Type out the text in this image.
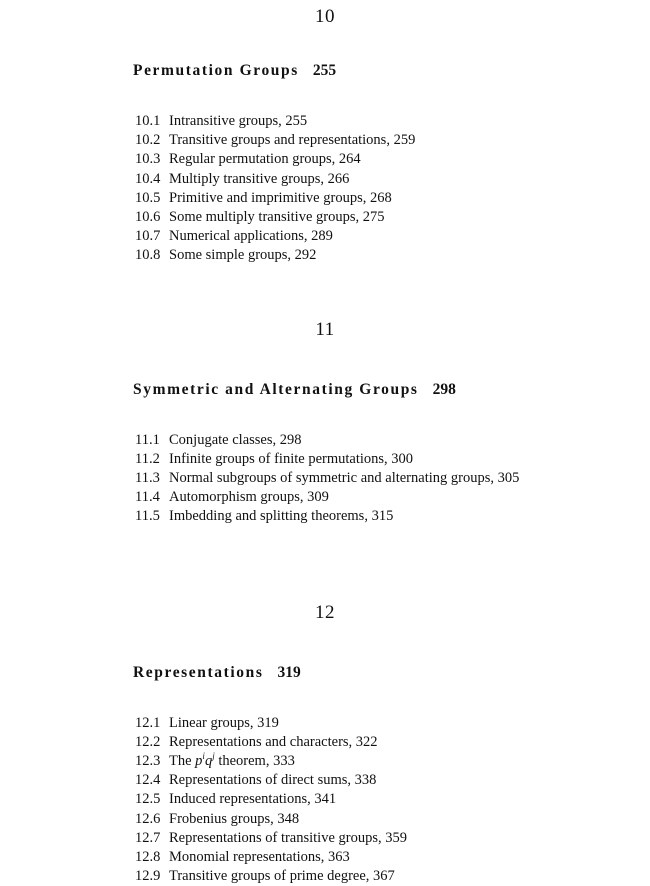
10
Permutation Groups 255
10.1 Intransitive groups, 255
10.2 Transitive groups and representations, 259
10.3 Regular permutation groups, 264
10.4 Multiply transitive groups, 266
10.5 Primitive and imprimitive groups, 268
10.6 Some multiply transitive groups, 275
10.7 Numerical applications, 289
10.8 Some simple groups, 292
11
Symmetric and Alternating Groups 298
11.1 Conjugate classes, 298
11.2 Infinite groups of finite permutations, 300
11.3 Normal subgroups of symmetric and alternating groups, 305
11.4 Automorphism groups, 309
11.5 Imbedding and splitting theorems, 315
12
Representations 319
12.1 Linear groups, 319
12.2 Representations and characters, 322
12.3 The $p^iq^j$ theorem, 333
12.4 Representations of direct sums, 338
12.5 Induced representations, 341
12.6 Frobenius groups, 348
12.7 Representations of transitive groups, 359
12.8 Monomial representations, 363
12.9 Transitive groups of prime degree, 367
